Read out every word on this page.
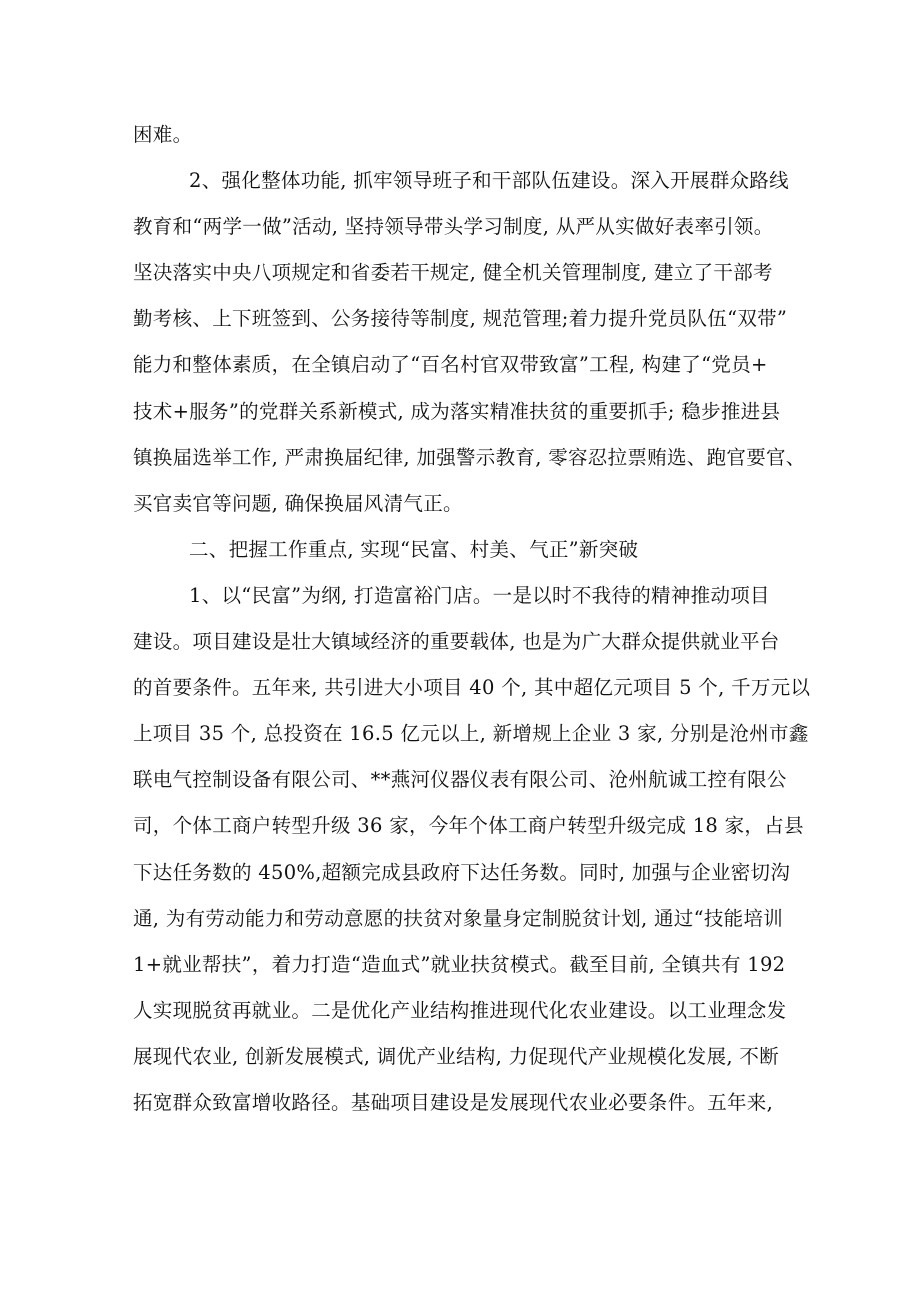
困难。
2、强化整体功能, 抓牢领导班子和干部队伍建设。深入开展群众路线
教育和“两学一做”活动, 坚持领导带头学习制度, 从严从实做好表率引领。
坚决落实中央八项规定和省委若干规定, 健全机关管理制度, 建立了干部考
勤考核、上下班签到、公务接待等制度, 规范管理;着力提升党员队伍“双带”
能力和整体素质，在全镇启动了“百名村官双带致富”工程, 构建了“党员+
技术+服务”的党群关系新模式, 成为落实精准扶贫的重要抓手; 稳步推进县
镇换届选举工作, 严肃换届纪律, 加强警示教育, 零容忍拉票贿选、跑官要官、
买官卖官等问题, 确保换届风清气正。
二、把握工作重点, 实现“民富、村美、气正”新突破
1、以“民富”为纲, 打造富裕门店。一是以时不我待的精神推动项目
建设。项目建设是壮大镇域经济的重要载体, 也是为广大群众提供就业平台
的首要条件。五年来, 共引进大小项目 40 个, 其中超亿元项目 5 个, 千万元以
上项目 35 个, 总投资在 16.5 亿元以上, 新增规上企业 3 家, 分别是沧州市鑫
联电气控制设备有限公司、**燕河仪器仪表有限公司、沧州航诚工控有限公
司，个体工商户转型升级 36 家，今年个体工商户转型升级完成 18 家，占县
下达任务数的 450%,超额完成县政府下达任务数。同时, 加强与企业密切沟
通, 为有劳动能力和劳动意愿的扶贫对象量身定制脱贫计划, 通过“技能培训
1+就业帮扶”，着力打造“造血式”就业扶贫模式。截至目前, 全镇共有 192
人实现脱贫再就业。二是优化产业结构推进现代化农业建设。以工业理念发
展现代农业, 创新发展模式, 调优产业结构, 力促现代产业规模化发展, 不断
拓宽群众致富增收路径。基础项目建设是发展现代农业必要条件。五年来,
